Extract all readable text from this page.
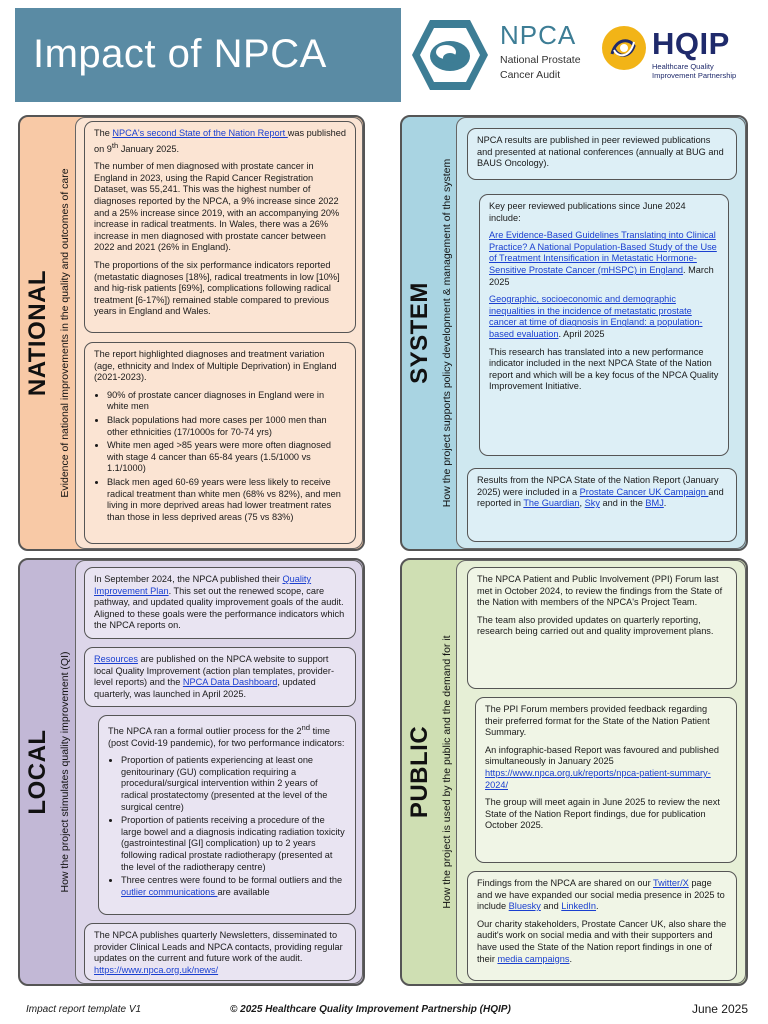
Impact of NPCA	NPCA
National Prostate
Cancer Audit
HQIP
Healthcare Quality
Improvement Partnership
NATIONAL Evidence of national improvements in the quality and outcomes of care

The NPCA's second State of the Nation Report was published on 9th January 2025.

The number of men diagnosed with prostate cancer in England in 2023, using the Rapid Cancer Registration Dataset, was 55,241. This was the highest number of diagnoses reported by the NPCA, a 9% increase since 2022 and a 25% increase since 2019, with an accompanying 20% increase in radical treatments. In Wales, there was a 26% increase in men diagnosed with prostate cancer between 2022 and 2021 (26% in England).

The proportions of the six performance indicators reported (metastatic diagnoses [18%], radical treatments in low [10%] and hig-risk patients [69%], complications following radical treatment [6-17%]) remained stable compared to previous years in England and Wales.

The report highlighted diagnoses and treatment variation (age, ethnicity and Index of Multiple Deprivation) in England (2021-2023).

• 90% of prostate cancer diagnoses in England were in white men
• Black populations had more cases per 1000 men than other ethnicities (17/1000s for 70-74 yrs)
• White men aged >85 years were more often diagnosed with stage 4 cancer than 65-84 years (1.5/1000 vs 1.1/1000)
• Black men aged 60-69 years were less likely to receive radical treatment than white men (68% vs 82%), and men living in more deprived areas had lower treatment rates than those in less deprived areas (75 vs 83%)
SYSTEM How the project supports policy development & management of the system

NPCA results are published in peer reviewed publications and presented at national conferences (annually at BUG and BAUS Oncology).

Key peer reviewed publications since June 2024 include:

Are Evidence-Based Guidelines Translating into Clinical Practice? A National Population-Based Study of the Use of Treatment Intensification in Metastatic Hormone-Sensitive Prostate Cancer (mHSPC) in England. March 2025

Geographic, socioeconomic and demographic inequalities in the incidence of metastatic prostate cancer at time of diagnosis in England: a population-based evaluation. April 2025

This research has translated into a new performance indicator included in the next NPCA State of the Nation report and which will be a key focus of the NPCA Quality Improvement Initiative.

Results from the NPCA State of the Nation Report (January 2025) were included in a Prostate Cancer UK Campaign and reported in The Guardian, Sky and in the BMJ.

LOCAL How the project stimulates quality improvement (QI)

In September 2024, the NPCA published their Quality Improvement Plan. This set out the renewed scope, care pathway, and updated quality improvement goals of the audit. Aligned to these goals were the performance indicators which the NPCA reports on.

Resources are published on the NPCA website to support local Quality Improvement (action plan templates, provider-level reports) and the NPCA Data Dashboard, updated quarterly, was launched in April 2025.

The NPCA ran a formal outlier process for the 2nd time (post Covid-19 pandemic), for two performance indicators:

• Proportion of patients experiencing at least one genitourinary (GU) complication requiring a procedural/surgical intervention within 2 years of radical prostatectomy (presented at the level of the surgical centre)
• Proportion of patients receiving a procedure of the large bowel and a diagnosis indicating radiation toxicity (gastrointestinal [GI] complication) up to 2 years following radical prostate radiotherapy (presented at the level of the radiotherapy centre)
• Three centres were found to be formal outliers and the outlier communications are available

The NPCA publishes quarterly Newsletters, disseminated to provider Clinical Leads and NPCA contacts, providing regular updates on the current and future work of the audit. https://www.npca.org.uk/news/

PUBLIC How the project is used by the public and the demand for it

The NPCA Patient and Public Involvement (PPI) Forum last met in October 2024, to review the findings from the State of the Nation with members of the NPCA's Project Team.

The team also provided updates on quarterly reporting, research being carried out and quality improvement plans.

The PPI Forum members provided feedback regarding their preferred format for the State of the Nation Patient Summary.

An infographic-based Report was favoured and published simultaneously in January 2025 https://www.npca.org.uk/reports/npca-patient-summary-2024/

The group will meet again in June 2025 to review the next State of the Nation Report findings, due for publication October 2025.

Findings from the NPCA are shared on our Twitter/X page and we have expanded our social media presence in 2025 to include Bluesky and LinkedIn.

Our charity stakeholders, Prostate Cancer UK, also share the audit's work on social media and with their supporters and have used the State of the Nation report findings in one of their media campaigns.

Impact report template V1	© 2025 Healthcare Quality Improvement Partnership (HQIP)	June 2025
